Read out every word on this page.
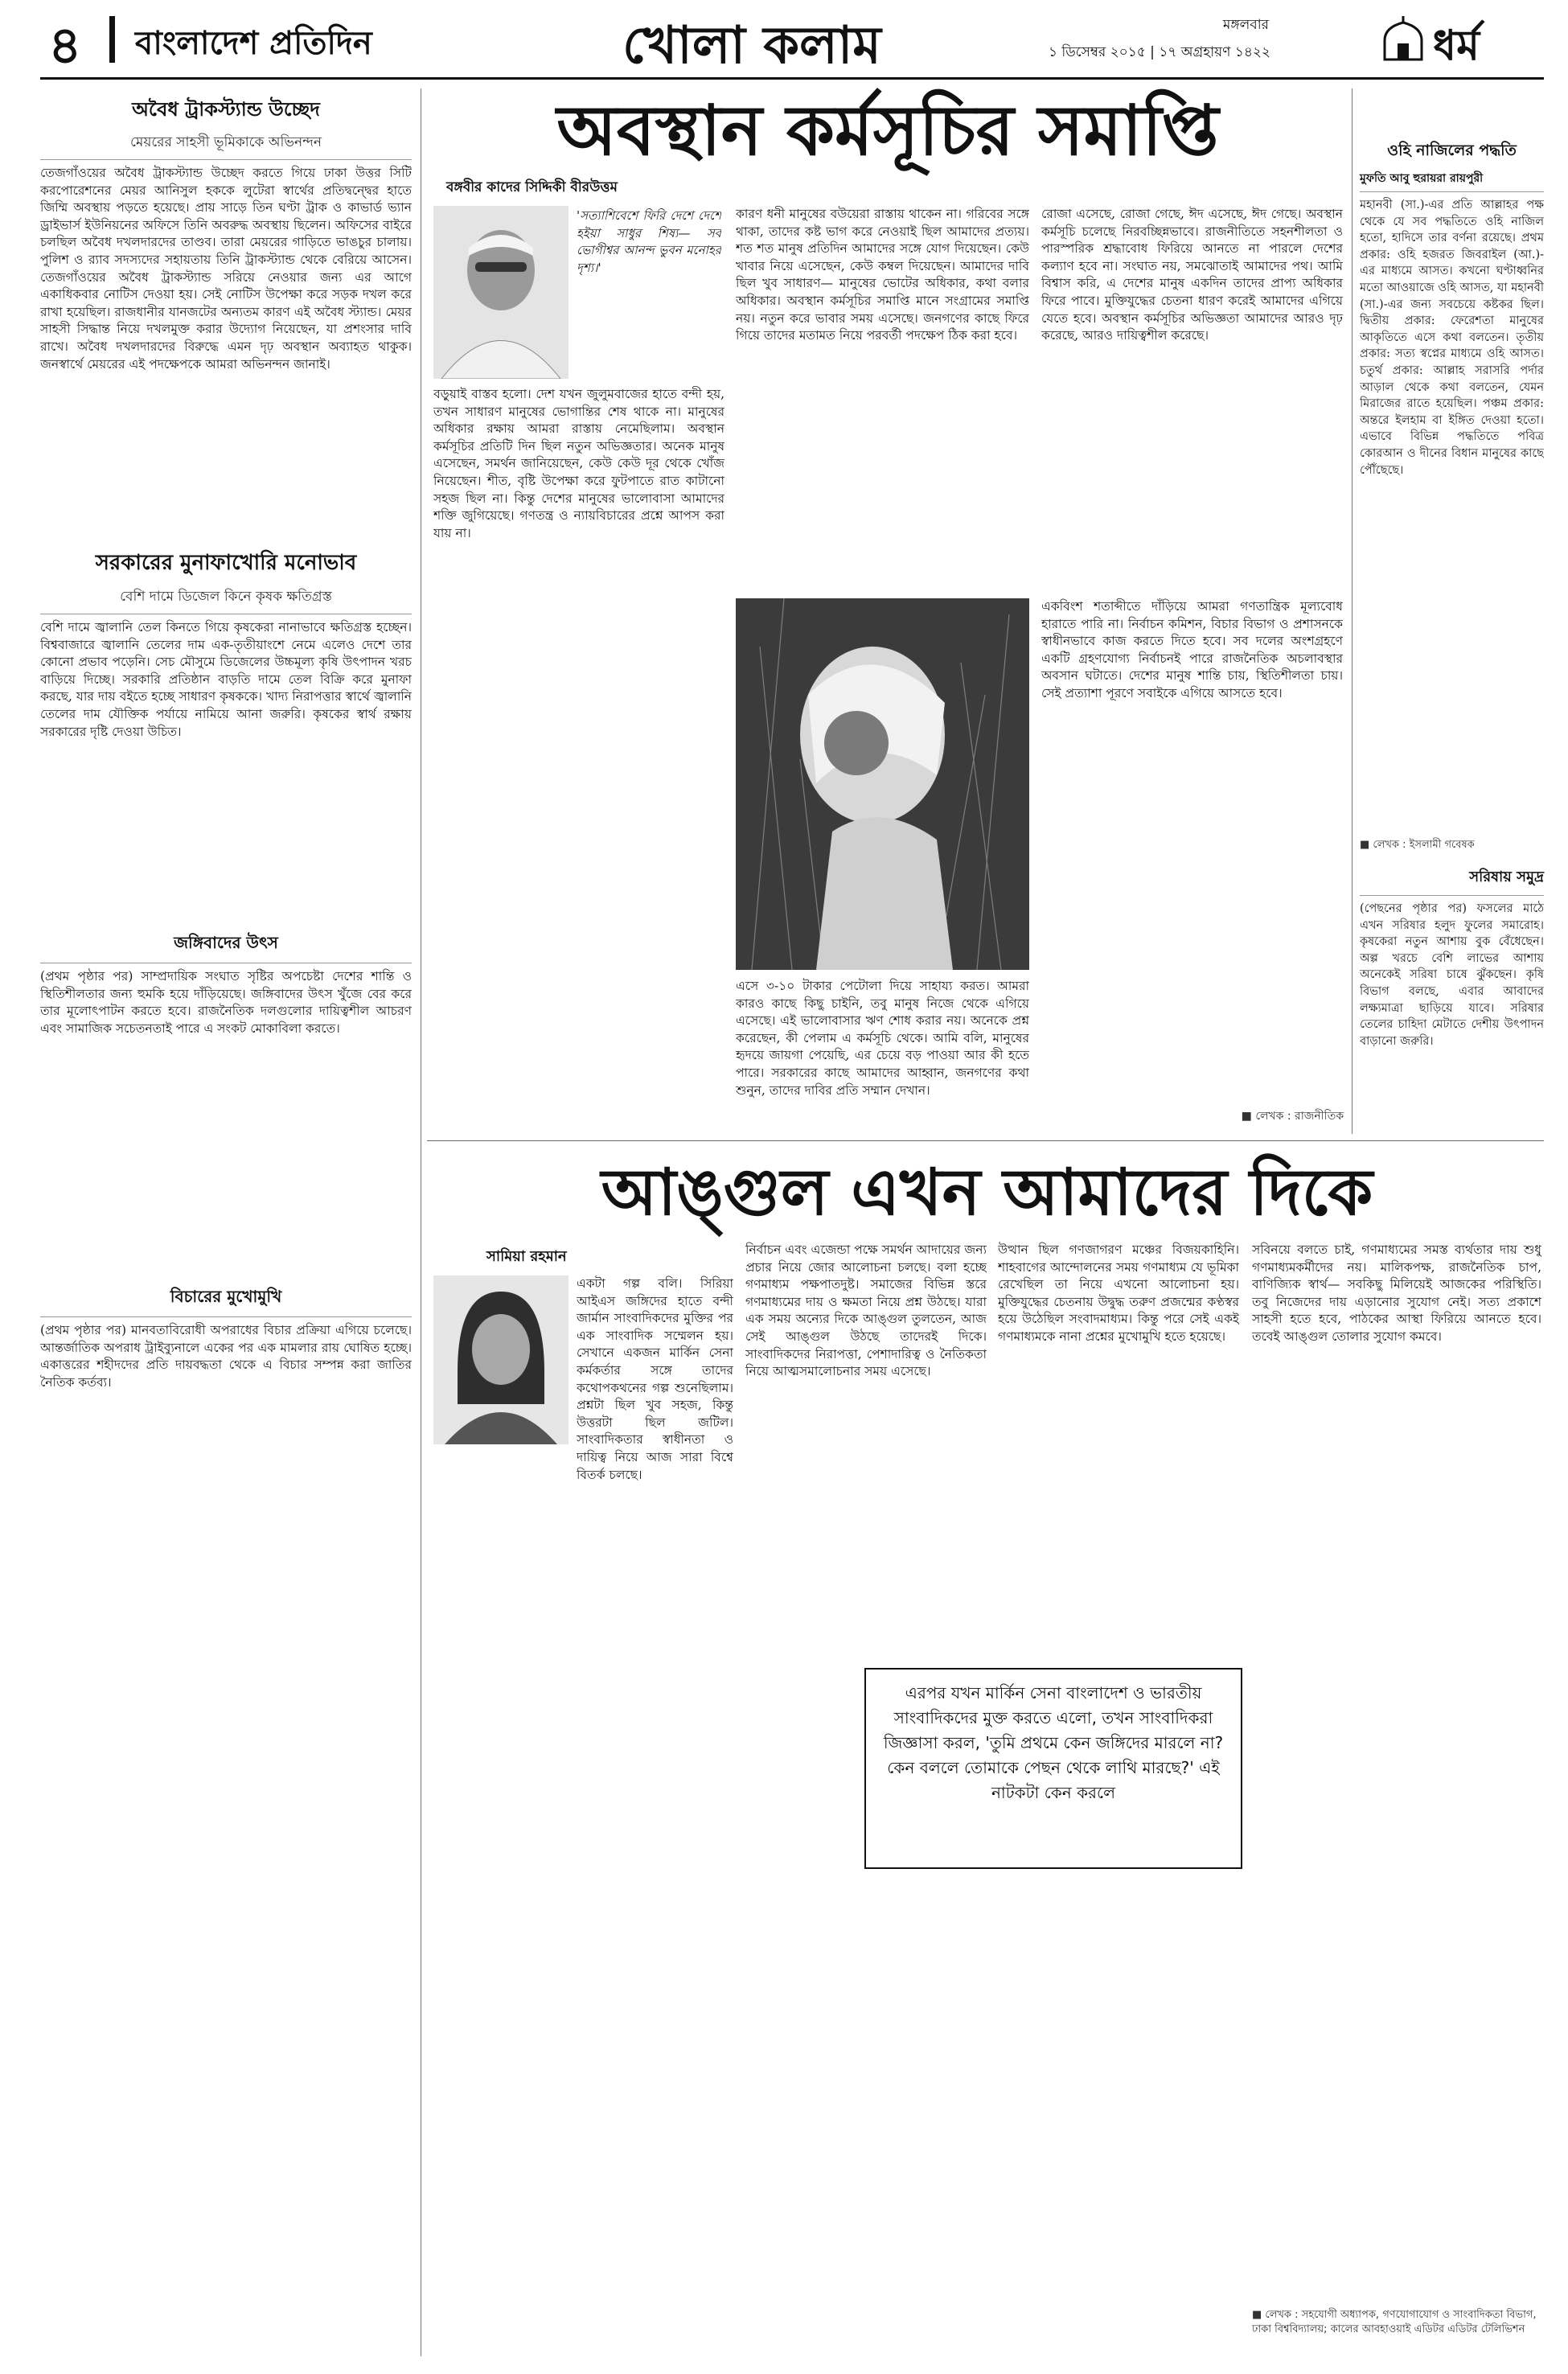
৪ বাংলাদেশ প্রতিদিন	খোলা কলাম	মঙ্গলবার
১ ডিসেম্বর ২০১৫ | ১৭ অগ্রহায়ণ ১৪২২	ধর্ম
অবৈধ ট্রাকস্ট্যান্ড উচ্ছেদ
মেয়রের সাহসী ভূমিকাকে অভিনন্দন
তেজগাঁওয়ের অবৈধ ট্রাকস্ট্যান্ড উচ্ছেদ করতে গিয়ে ঢাকা উত্তর সিটি করপোরেশনের মেয়র আনিসুল হককে লুটেরা স্বার্থের প্রতিদ্বন্দ্বের হাতে জিম্মি অবস্থায় পড়তে হয়েছে। প্রায় সাড়ে তিন ঘণ্টা ট্রাক ও কাভার্ড ভ্যান ড্রাইভার্স ইউনিয়নের অফিসে তিনি অবরুদ্ধ অবস্থায় ছিলেন। অফিসের বাইরে চলছিল অবৈধ দখলদারদের তাণ্ডব। তারা মেয়রের গাড়িতে ভাঙচুর চালায়। পুলিশ ও র‍্যাব সদস্যদের সহায়তায় তিনি ট্রাকস্ট্যান্ড থেকে বেরিয়ে আসেন। তেজগাঁওয়ের অবৈধ ট্রাকস্ট্যান্ড সরিয়ে নেওয়ার জন্য এর আগে একাধিকবার নোটিস দেওয়া হয়। সেই নোটিস উপেক্ষা করে সড়ক দখল করে রাখা হয়েছিল। রাজধানীর যানজটের অন্যতম কারণ এই অবৈধ স্ট্যান্ড। মেয়র সাহসী সিদ্ধান্ত নিয়ে দখলমুক্ত করার উদ্যোগ নিয়েছেন, যা প্রশংসার দাবি রাখে। অবৈধ দখলদারদের বিরুদ্ধে এমন দৃঢ় অবস্থান অব্যাহত থাকুক। জনস্বার্থে মেয়রের এই পদক্ষেপকে আমরা অভিনন্দন জানাই।
সরকারের মুনাফাখোরি মনোভাব
বেশি দামে ডিজেল কিনে কৃষক ক্ষতিগ্রস্ত
বেশি দামে জ্বালানি তেল কিনতে গিয়ে কৃষকেরা নানাভাবে ক্ষতিগ্রস্ত হচ্ছেন। বিশ্ববাজারে জ্বালানি তেলের দাম এক-তৃতীয়াংশে নেমে এলেও দেশে তার কোনো প্রভাব পড়েনি। সেচ মৌসুমে ডিজেলের উচ্চমূল্য কৃষি উৎপাদন খরচ বাড়িয়ে দিচ্ছে। সরকারি প্রতিষ্ঠান বাড়তি দামে তেল বিক্রি করে মুনাফা করছে, যার দায় বইতে হচ্ছে সাধারণ কৃষককে। খাদ্য নিরাপত্তার স্বার্থে জ্বালানি তেলের দাম যৌক্তিক পর্যায়ে নামিয়ে আনা জরুরি। কৃষকের স্বার্থ রক্ষায় সরকারের দৃষ্টি দেওয়া উচিত।
জঙ্গিবাদের উৎস
(প্রথম পৃষ্ঠার পর) সাম্প্রদায়িক সংঘাত সৃষ্টির অপচেষ্টা দেশের শান্তি ও স্থিতিশীলতার জন্য হুমকি হয়ে দাঁড়িয়েছে। জঙ্গিবাদের উৎস খুঁজে বের করে তার মূলোৎপাটন করতে হবে। রাজনৈতিক দলগুলোর দায়িত্বশীল আচরণ এবং সামাজিক সচেতনতাই পারে এ সংকট মোকাবিলা করতে।
বিচারের মুখোমুখি
(প্রথম পৃষ্ঠার পর) মানবতাবিরোধী অপরাধের বিচার প্রক্রিয়া এগিয়ে চলেছে। আন্তর্জাতিক অপরাধ ট্রাইব্যুনালে একের পর এক মামলার রায় ঘোষিত হচ্ছে। একাত্তরের শহীদদের প্রতি দায়বদ্ধতা থেকে এ বিচার সম্পন্ন করা জাতির নৈতিক কর্তব্য।
অবস্থান কর্মসূচির সমাপ্তি
বঙ্গবীর কাদের সিদ্দিকী বীরউত্তম
'সত্যাশিবেশে ফিরি দেশে দেশে হইয়া সাধুর শিষ্য— সর্ব ভোগীশ্বর আনন্দ ভুবন মনোহর দৃশ্য।'
বড়ুয়াই বাস্তব হলো। দেশ যখন জুলুমবাজের হাতে বন্দী হয়, তখন সাধারণ মানুষের ভোগান্তির শেষ থাকে না। মানুষের অধিকার রক্ষায় আমরা রাস্তায় নেমেছিলাম। অবস্থান কর্মসূচির প্রতিটি দিন ছিল নতুন অভিজ্ঞতার। অনেক মানুষ এসেছেন, সমর্থন জানিয়েছেন, কেউ কেউ দূর থেকে খোঁজ নিয়েছেন। শীত, বৃষ্টি উপেক্ষা করে ফুটপাতে রাত কাটানো সহজ ছিল না। কিন্তু দেশের মানুষের ভালোবাসা আমাদের শক্তি জুগিয়েছে। গণতন্ত্র ও ন্যায়বিচারের প্রশ্নে আপস করা যায় না।
কারণ ধনী মানুষের বউয়েরা রাস্তায় থাকেন না। গরিবের সঙ্গে থাকা, তাদের কষ্ট ভাগ করে নেওয়াই ছিল আমাদের প্রত্যয়। শত শত মানুষ প্রতিদিন আমাদের সঙ্গে যোগ দিয়েছেন। কেউ খাবার নিয়ে এসেছেন, কেউ কম্বল দিয়েছেন। আমাদের দাবি ছিল খুব সাধারণ— মানুষের ভোটের অধিকার, কথা বলার অধিকার। অবস্থান কর্মসূচির সমাপ্তি মানে সংগ্রামের সমাপ্তি নয়। নতুন করে ভাবার সময় এসেছে। জনগণের কাছে ফিরে গিয়ে তাদের মতামত নিয়ে পরবর্তী পদক্ষেপ ঠিক করা হবে।
রোজা এসেছে, রোজা গেছে, ঈদ এসেছে, ঈদ গেছে। অবস্থান কর্মসূচি চলেছে নিরবচ্ছিন্নভাবে। রাজনীতিতে সহনশীলতা ও পারস্পরিক শ্রদ্ধাবোধ ফিরিয়ে আনতে না পারলে দেশের কল্যাণ হবে না। সংঘাত নয়, সমঝোতাই আমাদের পথ। আমি বিশ্বাস করি, এ দেশের মানুষ একদিন তাদের প্রাপ্য অধিকার ফিরে পাবে। মুক্তিযুদ্ধের চেতনা ধারণ করেই আমাদের এগিয়ে যেতে হবে। অবস্থান কর্মসূচির অভিজ্ঞতা আমাদের আরও দৃঢ় করেছে, আরও দায়িত্বশীল করেছে।
এসে ৩-১০ টাকার পেটোলা দিয়ে সাহায্য করত। আমরা কারও কাছে কিছু চাইনি, তবু মানুষ নিজে থেকে এগিয়ে এসেছে। এই ভালোবাসার ঋণ শোধ করার নয়। অনেকে প্রশ্ন করেছেন, কী পেলাম এ কর্মসূচি থেকে। আমি বলি, মানুষের হৃদয়ে জায়গা পেয়েছি, এর চেয়ে বড় পাওয়া আর কী হতে পারে। সরকারের কাছে আমাদের আহ্বান, জনগণের কথা শুনুন, তাদের দাবির প্রতি সম্মান দেখান।
একবিংশ শতাব্দীতে দাঁড়িয়ে আমরা গণতান্ত্রিক মূল্যবোধ হারাতে পারি না। নির্বাচন কমিশন, বিচার বিভাগ ও প্রশাসনকে স্বাধীনভাবে কাজ করতে দিতে হবে। সব দলের অংশগ্রহণে একটি গ্রহণযোগ্য নির্বাচনই পারে রাজনৈতিক অচলাবস্থার অবসান ঘটাতে। দেশের মানুষ শান্তি চায়, স্থিতিশীলতা চায়। সেই প্রত্যাশা পূরণে সবাইকে এগিয়ে আসতে হবে।
■ লেখক : রাজনীতিক
ওহি নাজিলের পদ্ধতি
মুফতি আবু হুরায়রা রায়পুরী
মহানবী (সা.)-এর প্রতি আল্লাহর পক্ষ থেকে যে সব পদ্ধতিতে ওহি নাজিল হতো, হাদিসে তার বর্ণনা রয়েছে। প্রথম প্রকার: ওহি হজরত জিবরাইল (আ.)-এর মাধ্যমে আসত। কখনো ঘণ্টাধ্বনির মতো আওয়াজে ওহি আসত, যা মহানবী (সা.)-এর জন্য সবচেয়ে কষ্টকর ছিল। দ্বিতীয় প্রকার: ফেরেশতা মানুষের আকৃতিতে এসে কথা বলতেন। তৃতীয় প্রকার: সত্য স্বপ্নের মাধ্যমে ওহি আসত। চতুর্থ প্রকার: আল্লাহ সরাসরি পর্দার আড়াল থেকে কথা বলতেন, যেমন মিরাজের রাতে হয়েছিল। পঞ্চম প্রকার: অন্তরে ইলহাম বা ইঙ্গিত দেওয়া হতো। এভাবে বিভিন্ন পদ্ধতিতে পবিত্র কোরআন ও দীনের বিধান মানুষের কাছে পৌঁছেছে।
■ লেখক : ইসলামী গবেষক
সরিষায় সমুদ্র
(পেছনের পৃষ্ঠার পর) ফসলের মাঠে এখন সরিষার হলুদ ফুলের সমারোহ। কৃষকেরা নতুন আশায় বুক বেঁধেছেন। অল্প খরচে বেশি লাভের আশায় অনেকেই সরিষা চাষে ঝুঁকছেন। কৃষি বিভাগ বলছে, এবার আবাদের লক্ষ্যমাত্রা ছাড়িয়ে যাবে। সরিষার তেলের চাহিদা মেটাতে দেশীয় উৎপাদন বাড়ানো জরুরি।
আঙ্গুল এখন আমাদের দিকে
সামিয়া রহমান
একটা গল্প বলি। সিরিয়া আইএস জঙ্গিদের হাতে বন্দী জার্মান সাংবাদিকদের মুক্তির পর এক সাংবাদিক সম্মেলন হয়। সেখানে একজন মার্কিন সেনা কর্মকর্তার সঙ্গে তাদের কথোপকথনের গল্প শুনেছিলাম। প্রশ্নটা ছিল খুব সহজ, কিন্তু উত্তরটা ছিল জটিল। সাংবাদিকতার স্বাধীনতা ও দায়িত্ব নিয়ে আজ সারা বিশ্বে বিতর্ক চলছে।
নির্বাচন এবং এজেন্ডা পক্ষে সমর্থন আদায়ের জন্য প্রচার নিয়ে জোর আলোচনা চলছে। বলা হচ্ছে গণমাধ্যম পক্ষপাতদুষ্ট। সমাজের বিভিন্ন স্তরে গণমাধ্যমের দায় ও ক্ষমতা নিয়ে প্রশ্ন উঠছে। যারা এক সময় অন্যের দিকে আঙ্গুল তুলতেন, আজ সেই আঙ্গুল উঠছে তাদেরই দিকে। সাংবাদিকদের নিরাপত্তা, পেশাদারিত্ব ও নৈতিকতা নিয়ে আত্মসমালোচনার সময় এসেছে।
উত্থান ছিল গণজাগরণ মঞ্চের বিজয়কাহিনি। শাহবাগের আন্দোলনের সময় গণমাধ্যম যে ভূমিকা রেখেছিল তা নিয়ে এখনো আলোচনা হয়। মুক্তিযুদ্ধের চেতনায় উদ্বুদ্ধ তরুণ প্রজন্মের কণ্ঠস্বর হয়ে উঠেছিল সংবাদমাধ্যম। কিন্তু পরে সেই একই গণমাধ্যমকে নানা প্রশ্নের মুখোমুখি হতে হয়েছে।
এরপর যখন মার্কিন সেনা বাংলাদেশ ও ভারতীয় সাংবাদিকদের মুক্ত করতে এলো, তখন সাংবাদিকরা জিজ্ঞাসা করল, 'তুমি প্রথমে কেন জঙ্গিদের মারলে না? কেন বললে তোমাকে পেছন থেকে লাথি মারছে?' এই নাটকটা কেন করলে
সবিনয়ে বলতে চাই, গণমাধ্যমের সমস্ত ব্যর্থতার দায় শুধু গণমাধ্যমকর্মীদের নয়। মালিকপক্ষ, রাজনৈতিক চাপ, বাণিজ্যিক স্বার্থ— সবকিছু মিলিয়েই আজকের পরিস্থিতি। তবু নিজেদের দায় এড়ানোর সুযোগ নেই। সত্য প্রকাশে সাহসী হতে হবে, পাঠকের আস্থা ফিরিয়ে আনতে হবে। তবেই আঙ্গুল তোলার সুযোগ কমবে।
■ লেখক : সহযোগী অধ্যাপক, গণযোগাযোগ ও সাংবাদিকতা বিভাগ, ঢাকা বিশ্ববিদ্যালয়; কালের আবহাওয়াই এডিটর এডিটর টেলিভিশন
